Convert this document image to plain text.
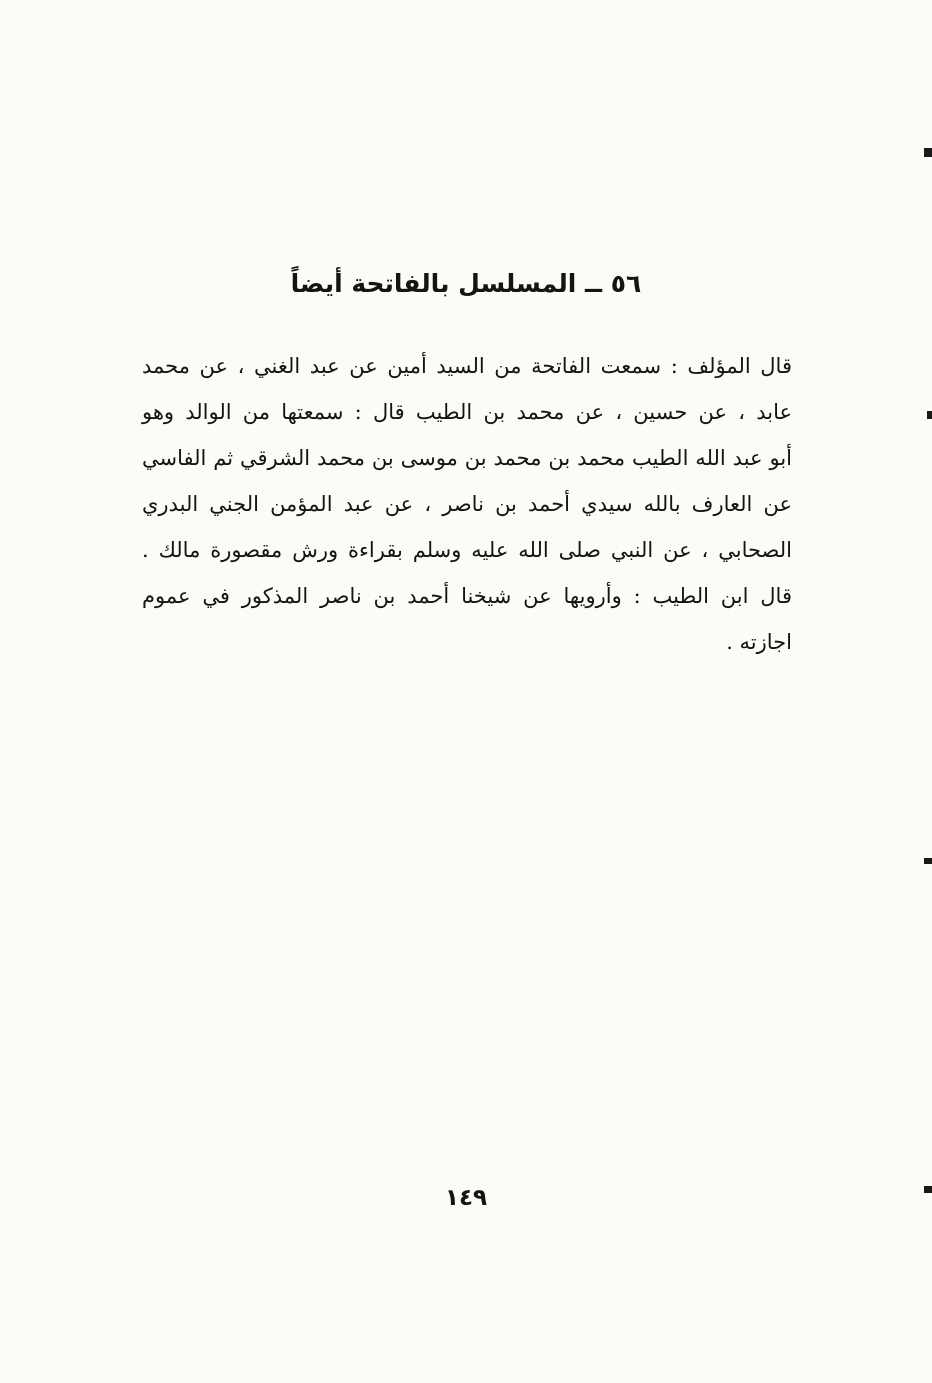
٥٦ ــ المسلسل بالفاتحة أيضاً
قال المؤلف : سمعت الفاتحة من السيد أمين عن عبد الغني ، عن محمد
عابد ، عن حسين ، عن محمد بن الطيب قال : سمعتها من الوالد وهو
أبو عبد الله الطيب محمد بن محمد بن موسى بن محمد الشرقي ثم الفاسي
عن العارف بالله سيدي أحمد بن ناصر ، عن عبد المؤمن الجني البدري
الصحابي ، عن النبي صلى الله عليه وسلم بقراءة ورش مقصورة مالك .
قال ابن الطيب : وأرويها عن شيخنا أحمد بن ناصر المذكور في عموم
اجازته .
١٤٩
